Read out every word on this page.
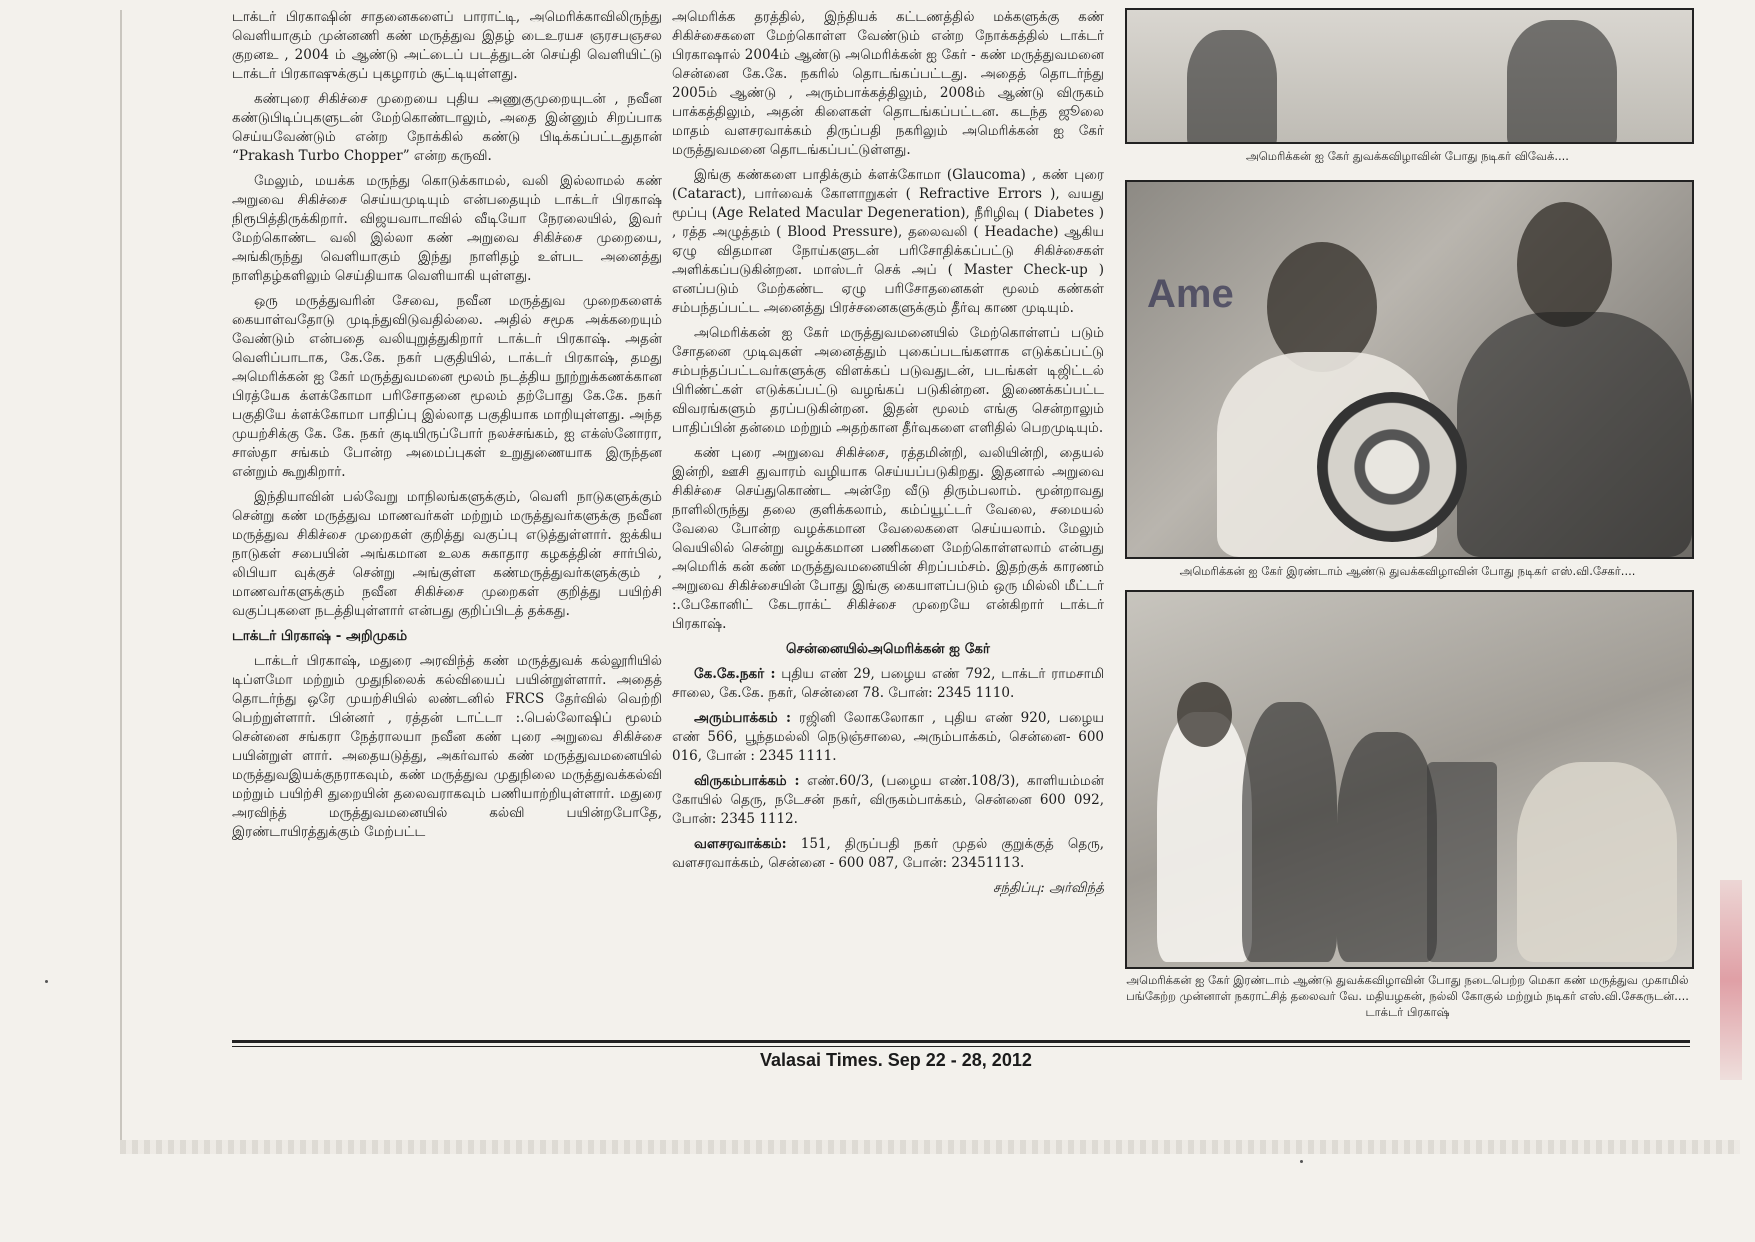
டாக்டர் பிரகாஷின் சாதனைகளைப் பாராட்டி, அமெரிக்காவிலிருந்து வெளியாகும் முன்னணி கண் மருத்துவ இதழ் டைஉரயச ஞரசபஞசல குறனஉ , 2004 ம் ஆண்டு அட்டைப் படத்துடன் செய்தி வெளியிட்டு டாக்டர் பிரகாஷுக்குப் புகழாரம் சூட்டியுள்ளது.

கண்புரை சிகிச்சை முறையை புதிய அணுகுமுறையுடன் , நவீன கண்டுபிடிப்புகளுடன் மேற்கொண்டாலும், அதை இன்னும் சிறப்பாக செய்யவேண்டும் என்ற நோக்கில் கண்டு பிடிக்கப்பட்டதுதான் “Prakash Turbo Chopper” என்ற கருவி.

மேலும், மயக்க மருந்து கொடுக்காமல், வலி இல்லாமல் கண் அறுவை சிகிச்சை செய்யமுடியும் என்பதையும் டாக்டர் பிரகாஷ் நிரூபித்திருக்கிறார். விஜயவாடாவில் வீடியோ நேரலையில், இவர் மேற்கொண்ட வலி இல்லா கண் அறுவை சிகிச்சை முறையை, அங்கிருந்து வெளியாகும் இந்து நாளிதழ் உள்பட அனைத்து நாளிதழ்களிலும் செய்தியாக வெளியாகி யுள்ளது.

ஒரு மருத்துவரின் சேவை, நவீன மருத்துவ முறைகளைக் கையாள்வதோடு முடிந்துவிடுவதில்லை. அதில் சமூக அக்கறையும் வேண்டும் என்பதை வலியுறுத்துகிறார் டாக்டர் பிரகாஷ். அதன் வெளிப்பாடாக, கே.கே. நகர் பகுதியில், டாக்டர் பிரகாஷ், தமது அமெரிக்கன் ஐ கேர் மருத்துவமனை மூலம் நடத்திய நூற்றுக்கணக்கான பிரத்யேக க்ளக்கோமா பரிசோதனை மூலம் தற்போது கே.கே. நகர் பகுதியே க்ளக்கோமா பாதிப்பு இல்லாத பகுதியாக மாறியுள்ளது. அந்த முயற்சிக்கு கே. கே. நகர் குடியிருப்போர் நலச்சங்கம், ஐ எக்ஸ்னோரா, சாஸ்தா சங்கம் போன்ற அமைப்புகள் உறுதுணையாக இருந்தன என்றும் கூறுகிறார்.

இந்தியாவின் பல்வேறு மாநிலங்களுக்கும், வெளி நாடுகளுக்கும் சென்று கண் மருத்துவ மாணவர்கள் மற்றும் மருத்துவர்களுக்கு நவீன மருத்துவ சிகிச்சை முறைகள் குறித்து வகுப்பு எடுத்துள்ளார். ஐக்கிய நாடுகள் சபையின் அங்கமான உலக சுகாதார கழகத்தின் சார்பில், லிபியா வுக்குச் சென்று அங்குள்ள கண்மருத்துவர்களுக்கும் , மாணவர்களுக்கும் நவீன சிகிச்சை முறைகள் குறித்து பயிற்சி வகுப்புகளை நடத்தியுள்ளார் என்பது குறிப்பிடத் தக்கது.

டாக்டர் பிரகாஷ் - அறிமுகம்

டாக்டர் பிரகாஷ், மதுரை அரவிந்த் கண் மருத்துவக் கல்லூரியில் டிப்ளமோ மற்றும் முதுநிலைக் கல்வியைப் பயின்றுள்ளார். அதைத் தொடர்ந்து ஒரே முயற்சியில் லண்டனில் FRCS தேர்வில் வெற்றி பெற்றுள்ளார். பின்னர் , ரத்தன் டாட்டா :.பெல்லோஷிப் மூலம் சென்னை சங்கரா நேத்ராலயா நவீன கண் புரை அறுவை சிகிச்சை பயின்றுள் ளார். அதையடுத்து, அகர்வால் கண் மருத்துவமனையில் மருத்துவஇயக்குநராகவும், கண் மருத்துவ முதுநிலை மருத்துவக்கல்வி மற்றும் பயிற்சி துறையின் தலைவராகவும் பணியாற்றியுள்ளார். மதுரை அரவிந்த் மருத்துவமனையில் கல்வி பயின்றபோதே, இரண்டாயிரத்துக்கும் மேற்பட்ட

அமெரிக்க தரத்தில், இந்தியக் கட்டணத்தில் மக்களுக்கு கண் சிகிச்சைகளை மேற்கொள்ள வேண்டும் என்ற நோக்கத்தில் டாக்டர் பிரகாஷால் 2004ம் ஆண்டு அமெரிக்கன் ஐ கேர் - கண் மருத்துவமனை சென்னை கே.கே. நகரில் தொடங்கப்பட்டது. அதைத் தொடர்ந்து 2005ம் ஆண்டு , அரும்பாக்கத்திலும், 2008ம் ஆண்டு விருகம் பாக்கத்திலும், அதன் கிளைகள் தொடங்கப்பட்டன. கடந்த ஜூலை மாதம் வளசரவாக்கம் திருப்பதி நகரிலும் அமெரிக்கன் ஐ கேர் மருத்துவமனை தொடங்கப்பட்டுள்ளது.

இங்கு கண்களை பாதிக்கும் க்ளக்கோமா (Glaucoma) , கண் புரை (Cataract), பார்வைக் கோளாறுகள் ( Refractive Errors ), வயது மூப்பு (Age Related Macular Degeneration), நீரிழிவு ( Diabetes ) , ரத்த அழுத்தம் ( Blood Pressure), தலைவலி ( Headache) ஆகிய ஏழு விதமான நோய்களுடன் பரிசோதிக்கப்பட்டு சிகிச்சைகள் அளிக்கப்படுகின்றன. மாஸ்டர் செக் அப் ( Master Check-up ) எனப்படும் மேற்கண்ட ஏழு பரிசோதனைகள் மூலம் கண்கள் சம்பந்தப்பட்ட அனைத்து பிரச்சனைகளுக்கும் தீர்வு காண முடியும்.

அமெரிக்கன் ஐ கேர் மருத்துவமனையில் மேற்கொள்ளப் படும் சோதனை முடிவுகள் அனைத்தும் புகைப்படங்களாக எடுக்கப்பட்டு சம்பந்தப்பட்டவர்களுக்கு விளக்கப் படுவதுடன், படங்கள் டிஜிட்டல் பிரிண்ட்கள் எடுக்கப்பட்டு வழங்கப் படுகின்றன. இணைக்கப்பட்ட விவரங்களும் தரப்படுகின்றன. இதன் மூலம் எங்கு சென்றாலும் பாதிப்பின் தன்மை மற்றும் அதற்கான தீர்வுகளை எளிதில் பெறமுடியும்.

கண் புரை அறுவை சிகிச்சை, ரத்தமின்றி, வலியின்றி, தையல் இன்றி, ஊசி துவாரம் வழியாக செய்யப்படுகிறது. இதனால் அறுவை சிகிச்சை செய்துகொண்ட அன்றே வீடு திரும்பலாம். மூன்றாவது நாளிலிருந்து தலை குளிக்கலாம், கம்ப்யூட்டர் வேலை, சமையல் வேலை போன்ற வழக்கமான வேலைகளை செய்யலாம். மேலும் வெயிலில் சென்று வழக்கமான பணிகளை மேற்கொள்ளலாம் என்பது அமெரிக் கன் கண் மருத்துவமனையின் சிறப்பம்சம். இதற்குக் காரணம் அறுவை சிகிச்சையின் போது இங்கு கையாளப்படும் ஒரு மில்லி மீட்டர் :.பேகோனிட் கேடராக்ட் சிகிச்சை முறையே என்கிறார் டாக்டர் பிரகாஷ்.

சென்னையில்அமெரிக்கன் ஐ கேர்

கே.கே.நகர் : புதிய எண் 29, பழைய எண் 792, டாக்டர் ராமசாமி சாலை, கே.கே. நகர், சென்னை 78. போன்: 2345 1110.

அரும்பாக்கம் : ரஜினி லோகலோகா , புதிய எண் 920, பழைய எண் 566, பூந்தமல்லி நெடுஞ்சாலை, அரும்பாக்கம், சென்னை- 600 016, போன் : 2345 1111.

விருகம்பாக்கம் : எண்.60/3, (பழைய எண்.108/3), காளியம்மன் கோயில் தெரு, நடேசன் நகர், விருகம்பாக்கம், சென்னை 600 092, போன்: 2345 1112.

வளசரவாக்கம்: 151, திருப்பதி நகர் முதல் குறுக்குத் தெரு, வளசரவாக்கம், சென்னை - 600 087, போன்: 23451113.

சந்திப்பு: அர்விந்த்

அமெரிக்கன் ஐ கேர் துவக்கவிழாவின் போது நடிகர் விவேக்....
Ame
அமெரிக்கன் ஐ கேர் இரண்டாம் ஆண்டு துவக்கவிழாவின் போது நடிகர் எஸ்.வி.சேகர்....
அமெரிக்கன் ஐ கேர் இரண்டாம் ஆண்டு துவக்கவிழாவின் போது நடைபெற்ற மெகா கண் மருத்துவ முகாமில் பங்கேற்ற முன்னாள் நகராட்சித் தலைவர் வே. மதியழகன், நல்லி கோகுல் மற்றும் நடிகர் எஸ்.வி.சேகருடன்.... டாக்டர் பிரகாஷ்
Valasai Times. Sep 22 - 28, 2012
